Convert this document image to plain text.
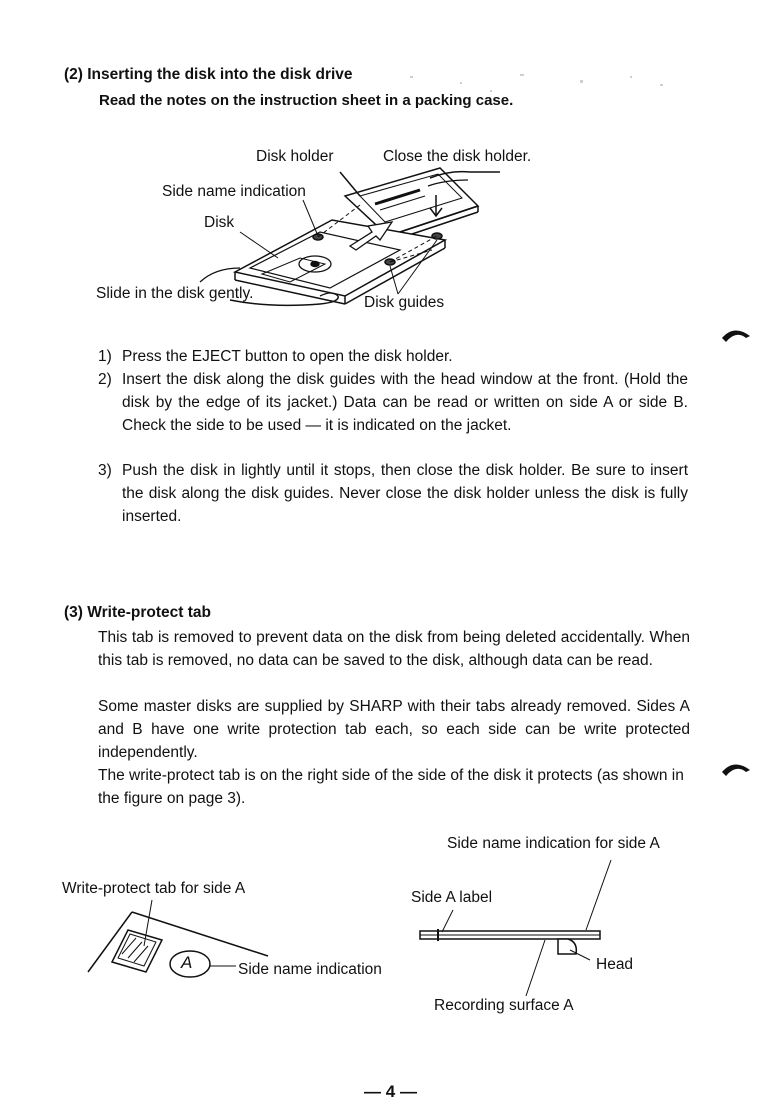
(2) Inserting the disk into the disk drive
Read the notes on the instruction sheet in a packing case.
Disk holder	Close the disk holder.
Side name indication
Disk
Slide in the disk gently.
Disk guides
1) Press the EJECT button to open the disk holder.
2) Insert the disk along the disk guides with the head window at the front. (Hold the disk by the edge of its jacket.) Data can be read or written on side A or side B. Check the side to be used — it is indicated on the jacket.
3) Push the disk in lightly until it stops, then close the disk holder. Be sure to insert the disk along the disk guides. Never close the disk holder unless the disk is fully inserted.
(3) Write-protect tab
This tab is removed to prevent data on the disk from being deleted accidentally. When this tab is removed, no data can be saved to the disk, although data can be read.
Some master disks are supplied by SHARP with their tabs already removed. Sides A and B have one write protection tab each, so each side can be write protected independently.
The write-protect tab is on the right side of the side of the disk it protects (as shown in the figure on page 3).
A
Side name indication for side A
Write-protect tab for side A
Side A label
Side name indication	Head
Recording surface A
— 4 —
